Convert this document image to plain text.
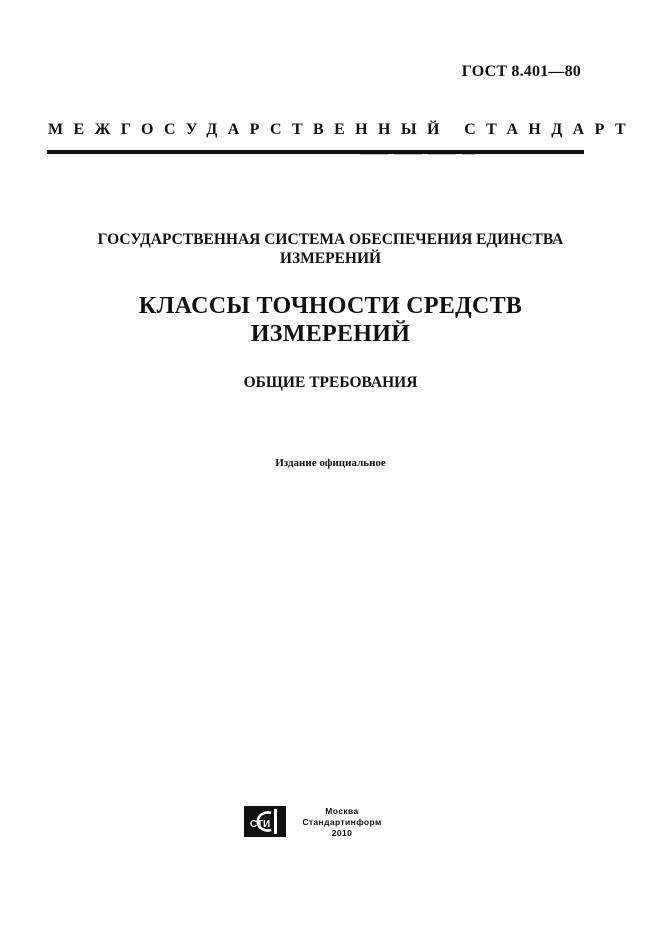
ГОСТ 8.401—80
МЕЖГОСУДАРСТВЕННЫЙ СТАНДАРТ
ГОСУДАРСТВЕННАЯ СИСТЕМА ОБЕСПЕЧЕНИЯ ЕДИНСТВА
ИЗМЕРЕНИЙ
КЛАССЫ ТОЧНОСТИ СРЕДСТВ
ИЗМЕРЕНИЙ
ОБЩИЕ ТРЕБОВАНИЯ
Издание официальное
СТИ
Москва
Стандартинформ
2010
